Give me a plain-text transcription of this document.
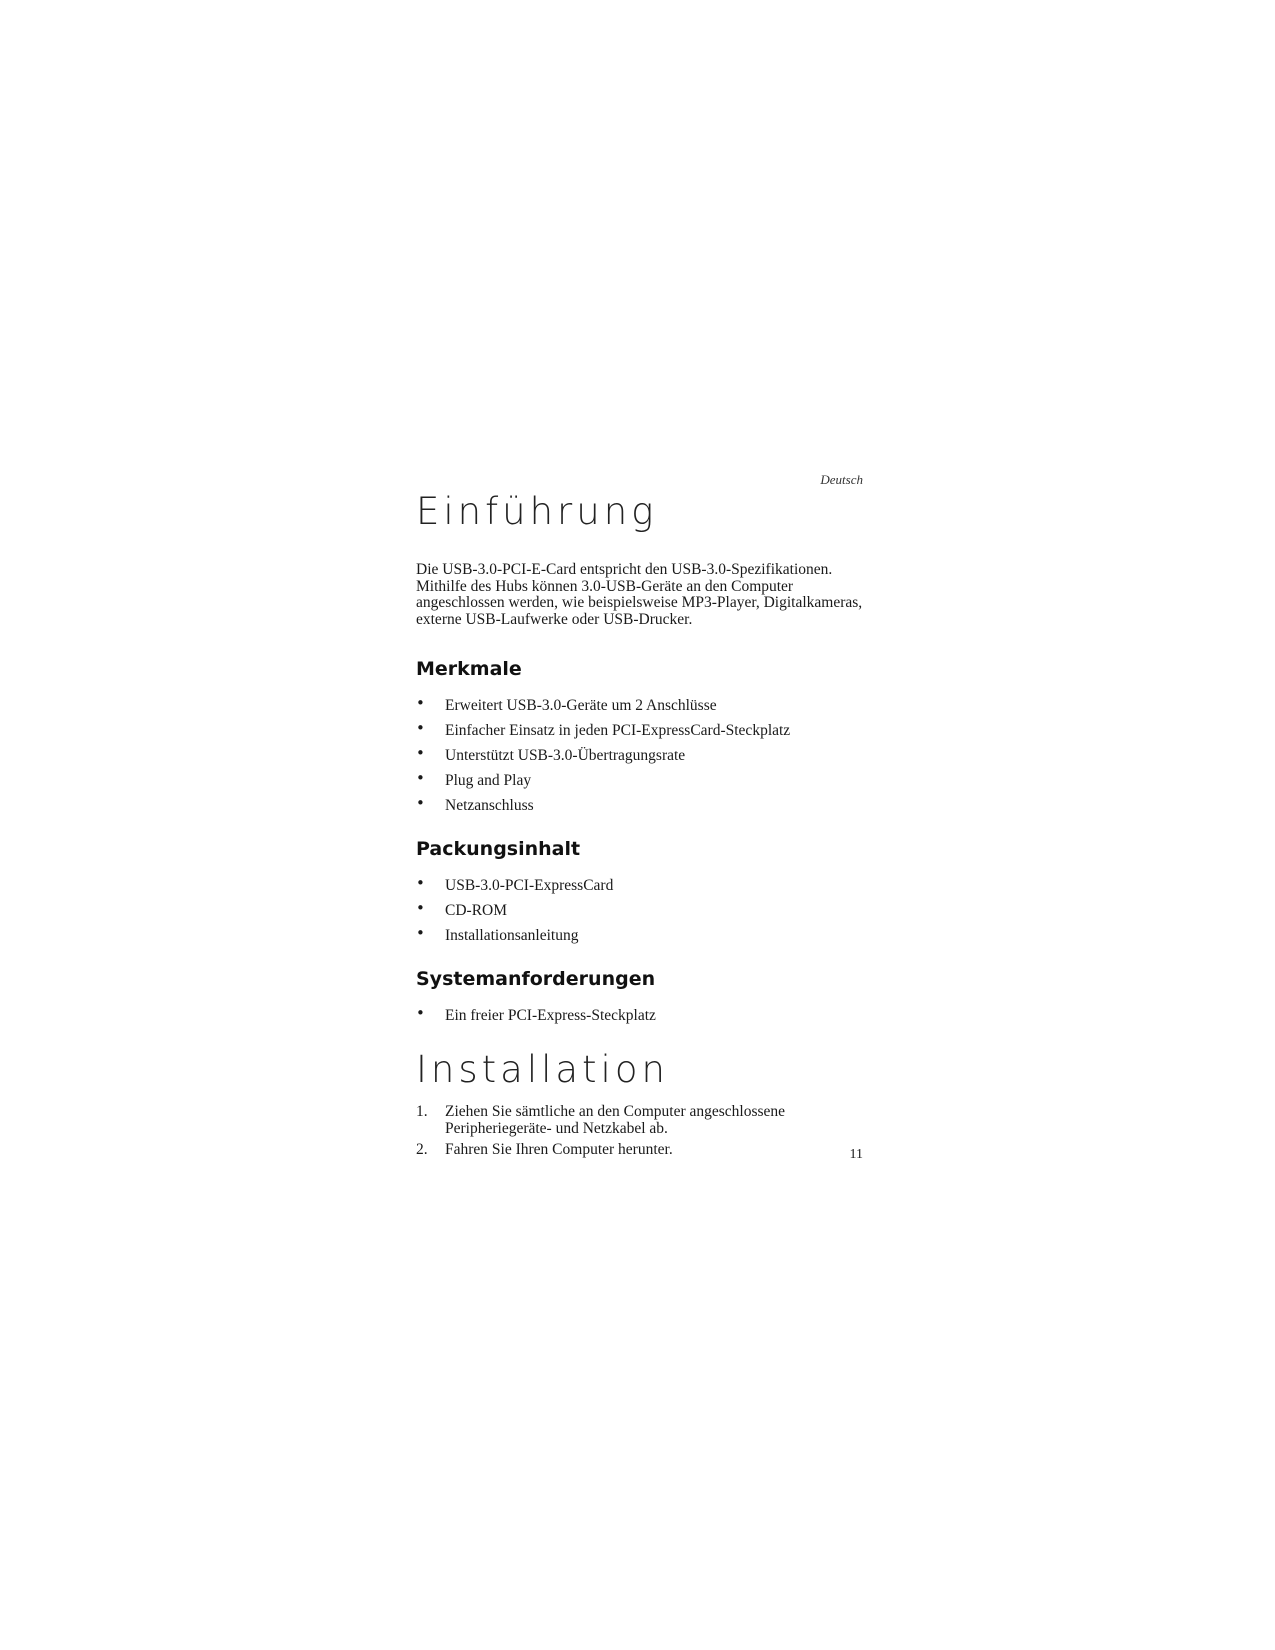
Deutsch
Einführung

Die USB-3.0-PCI-E-Card entspricht den USB-3.0-Spezifikationen. Mithilfe des Hubs können 3.0-USB-Geräte an den Computer angeschlossen werden, wie beispielsweise MP3-Player, Digitalkameras, externe USB-Laufwerke oder USB-Drucker.

Merkmale
• Erweitert USB-3.0-Geräte um 2 Anschlüsse
• Einfacher Einsatz in jeden PCI-ExpressCard-Steckplatz
• Unterstützt USB-3.0-Übertragungsrate
• Plug and Play
• Netzanschluss
Packungsinhalt
• USB-3.0-PCI-ExpressCard
• CD-ROM
• Installationsanleitung
Systemanforderungen
• Ein freier PCI-Express-Steckplatz
Installation
1. Ziehen Sie sämtliche an den Computer angeschlossene Peripheriegeräte- und Netzkabel ab.
2. Fahren Sie Ihren Computer herunter.	11
